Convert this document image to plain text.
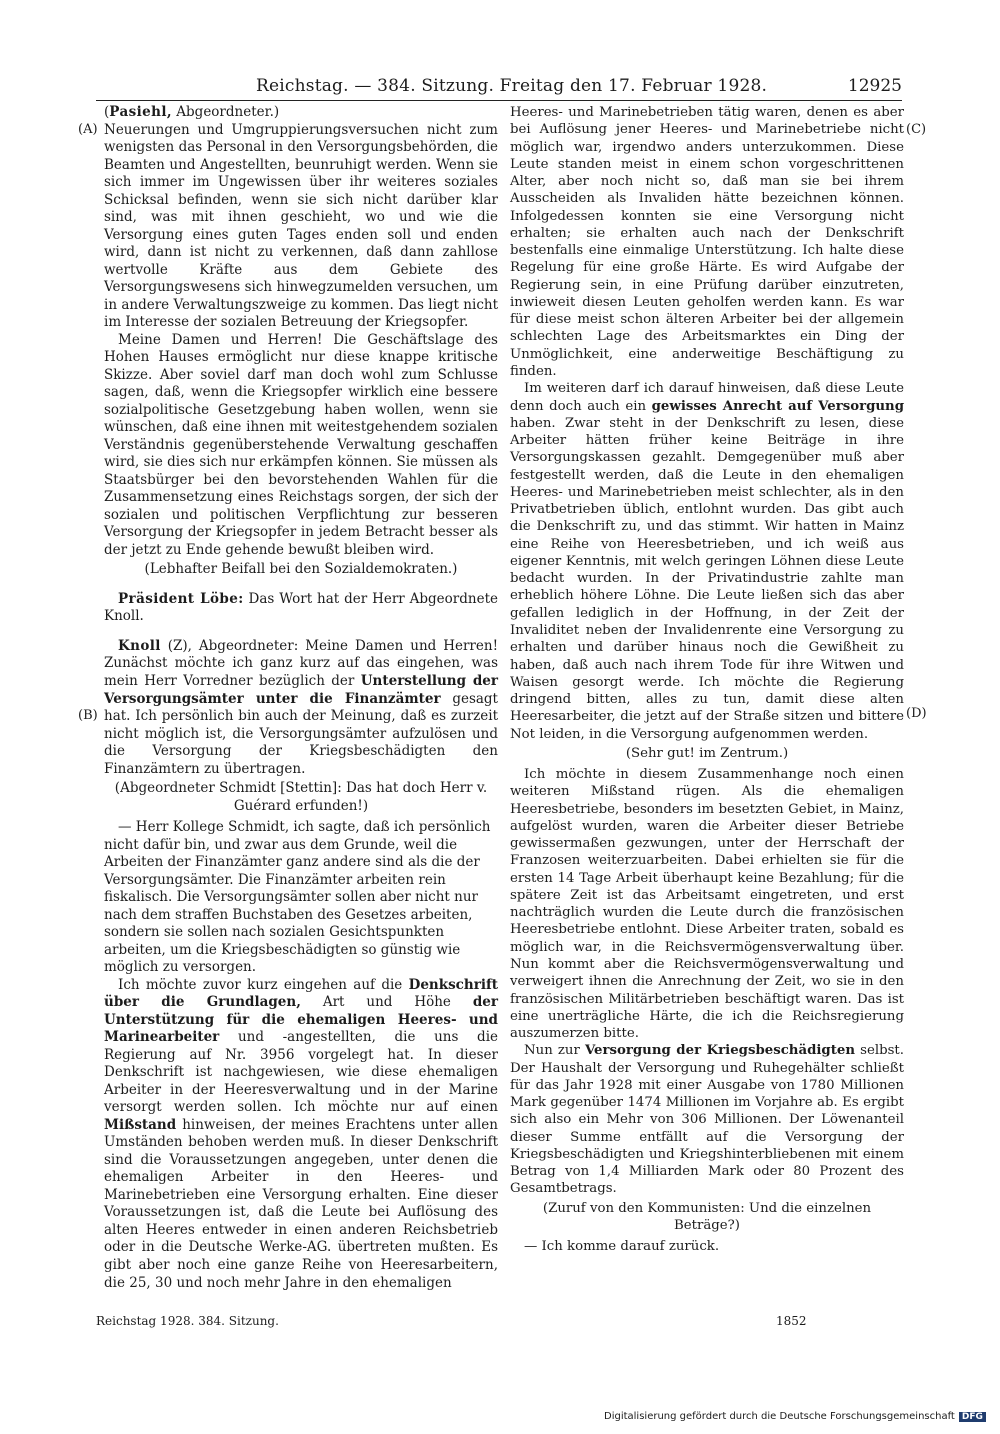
Reichstag. — 384. Sitzung. Freitag den 17. Februar 1928.	12925
(A)
(B)
(C)
(D)

(Pasiehl, Abgeordneter.)

Neuerungen und Umgruppierungsversuchen nicht zum wenigsten das Personal in den Versorgungsbehörden, die Beamten und Angestellten, beunruhigt werden. Wenn sie sich immer im Ungewissen über ihr weiteres soziales Schicksal befinden, wenn sie sich nicht darüber klar sind, was mit ihnen geschieht, wo und wie die Versorgung eines guten Tages enden soll und enden wird, dann ist nicht zu verkennen, daß dann zahllose wertvolle Kräfte aus dem Gebiete des Versorgungswesens sich hinwegzumelden versuchen, um in andere Verwaltungszweige zu kommen. Das liegt nicht im Interesse der sozialen Betreuung der Kriegsopfer.

Meine Damen und Herren! Die Geschäftslage des Hohen Hauses ermöglicht nur diese knappe kritische Skizze. Aber soviel darf man doch wohl zum Schlusse sagen, daß, wenn die Kriegsopfer wirklich eine bessere sozialpolitische Gesetzgebung haben wollen, wenn sie wünschen, daß eine ihnen mit weitestgehendem sozialen Verständnis gegenüberstehende Verwaltung geschaffen wird, sie dies sich nur erkämpfen können. Sie müssen als Staatsbürger bei den bevorstehenden Wahlen für die Zusammensetzung eines Reichstags sorgen, der sich der sozialen und politischen Verpflichtung zur besseren Versorgung der Kriegsopfer in jedem Betracht besser als der jetzt zu Ende gehende bewußt bleiben wird.

(Lebhafter Beifall bei den Sozialdemokraten.)

Präsident Löbe: Das Wort hat der Herr Abgeordnete Knoll.

Knoll (Z), Abgeordneter: Meine Damen und Herren! Zunächst möchte ich ganz kurz auf das eingehen, was mein Herr Vorredner bezüglich der Unterstellung der Versorgungsämter unter die Finanzämter gesagt hat. Ich persönlich bin auch der Meinung, daß es zurzeit nicht möglich ist, die Versorgungsämter aufzulösen und die Versorgung der Kriegsbeschädigten den Finanzämtern zu übertragen.

(Abgeordneter Schmidt [Stettin]: Das hat doch Herr v. Guérard erfunden!)

— Herr Kollege Schmidt, ich sagte, daß ich persönlich nicht dafür bin, und zwar aus dem Grunde, weil die Arbeiten der Finanzämter ganz andere sind als die der Versorgungsämter. Die Finanzämter arbeiten rein fiskalisch. Die Versorgungsämter sollen aber nicht nur nach dem straffen Buchstaben des Gesetzes arbeiten, sondern sie sollen nach sozialen Gesichtspunkten arbeiten, um die Kriegsbeschädigten so günstig wie möglich zu versorgen.

Ich möchte zuvor kurz eingehen auf die Denkschrift über die Grundlagen, Art und Höhe der Unterstützung für die ehemaligen Heeres- und Marinearbeiter und -angestellten, die uns die Regierung auf Nr. 3956 vorgelegt hat. In dieser Denkschrift ist nachgewiesen, wie diese ehemaligen Arbeiter in der Heeresverwaltung und in der Marine versorgt werden sollen. Ich möchte nur auf einen Mißstand hinweisen, der meines Erachtens unter allen Umständen behoben werden muß. In dieser Denkschrift sind die Voraussetzungen angegeben, unter denen die ehemaligen Arbeiter in den Heeres- und Marinebetrieben eine Versorgung erhalten. Eine dieser Voraussetzungen ist, daß die Leute bei Auflösung des alten Heeres entweder in einen anderen Reichsbetrieb oder in die Deutsche Werke-AG. übertreten mußten. Es gibt aber noch eine ganze Reihe von Heeresarbeitern, die 25, 30 und noch mehr Jahre in den ehemaligen

Heeres- und Marinebetrieben tätig waren, denen es aber bei Auflösung jener Heeres- und Marinebetriebe nicht möglich war, irgendwo anders unterzukommen. Diese Leute standen meist in einem schon vorgeschrittenen Alter, aber noch nicht so, daß man sie bei ihrem Ausscheiden als Invaliden hätte bezeichnen können. Infolgedessen konnten sie eine Versorgung nicht erhalten; sie erhalten auch nach der Denkschrift bestenfalls eine einmalige Unterstützung. Ich halte diese Regelung für eine große Härte. Es wird Aufgabe der Regierung sein, in eine Prüfung darüber einzutreten, inwieweit diesen Leuten geholfen werden kann. Es war für diese meist schon älteren Arbeiter bei der allgemein schlechten Lage des Arbeitsmarktes ein Ding der Unmöglichkeit, eine anderweitige Beschäftigung zu finden.

Im weiteren darf ich darauf hinweisen, daß diese Leute denn doch auch ein gewisses Anrecht auf Versorgung haben. Zwar steht in der Denkschrift zu lesen, diese Arbeiter hätten früher keine Beiträge in ihre Versorgungskassen gezahlt. Demgegenüber muß aber festgestellt werden, daß die Leute in den ehemaligen Heeres- und Marinebetrieben meist schlechter, als in den Privatbetrieben üblich, entlohnt wurden. Das gibt auch die Denkschrift zu, und das stimmt. Wir hatten in Mainz eine Reihe von Heeresbetrieben, und ich weiß aus eigener Kenntnis, mit welch geringen Löhnen diese Leute bedacht wurden. In der Privatindustrie zahlte man erheblich höhere Löhne. Die Leute ließen sich das aber gefallen lediglich in der Hoffnung, in der Zeit der Invaliditet neben der Invalidenrente eine Versorgung zu erhalten und darüber hinaus noch die Gewißheit zu haben, daß auch nach ihrem Tode für ihre Witwen und Waisen gesorgt werde. Ich möchte die Regierung dringend bitten, alles zu tun, damit diese alten Heeresarbeiter, die jetzt auf der Straße sitzen und bittere Not leiden, in die Versorgung aufgenommen werden.

(Sehr gut! im Zentrum.)

Ich möchte in diesem Zusammenhange noch einen weiteren Mißstand rügen. Als die ehemaligen Heeresbetriebe, besonders im besetzten Gebiet, in Mainz, aufgelöst wurden, waren die Arbeiter dieser Betriebe gewissermaßen gezwungen, unter der Herrschaft der Franzosen weiterzuarbeiten. Dabei erhielten sie für die ersten 14 Tage Arbeit überhaupt keine Bezahlung; für die spätere Zeit ist das Arbeitsamt eingetreten, und erst nachträglich wurden die Leute durch die französischen Heeresbetriebe entlohnt. Diese Arbeiter traten, sobald es möglich war, in die Reichsvermögensverwaltung über. Nun kommt aber die Reichsvermögensverwaltung und verweigert ihnen die Anrechnung der Zeit, wo sie in den französischen Militärbetrieben beschäftigt waren. Das ist eine unerträgliche Härte, die ich die Reichsregierung auszumerzen bitte.

Nun zur Versorgung der Kriegsbeschädigten selbst. Der Haushalt der Versorgung und Ruhegehälter schließt für das Jahr 1928 mit einer Ausgabe von 1780 Millionen Mark gegenüber 1474 Millionen im Vorjahre ab. Es ergibt sich also ein Mehr von 306 Millionen. Der Löwenanteil dieser Summe entfällt auf die Versorgung der Kriegsbeschädigten und Kriegshinterbliebenen mit einem Betrag von 1,4 Milliarden Mark oder 80 Prozent des Gesamtbetrags.

(Zuruf von den Kommunisten: Und die einzelnen Beträge?)

— Ich komme darauf zurück.

Reichstag 1928. 384. Sitzung.	1852
Digitalisierung gefördert durch die Deutsche Forschungsgemeinschaft DFG
